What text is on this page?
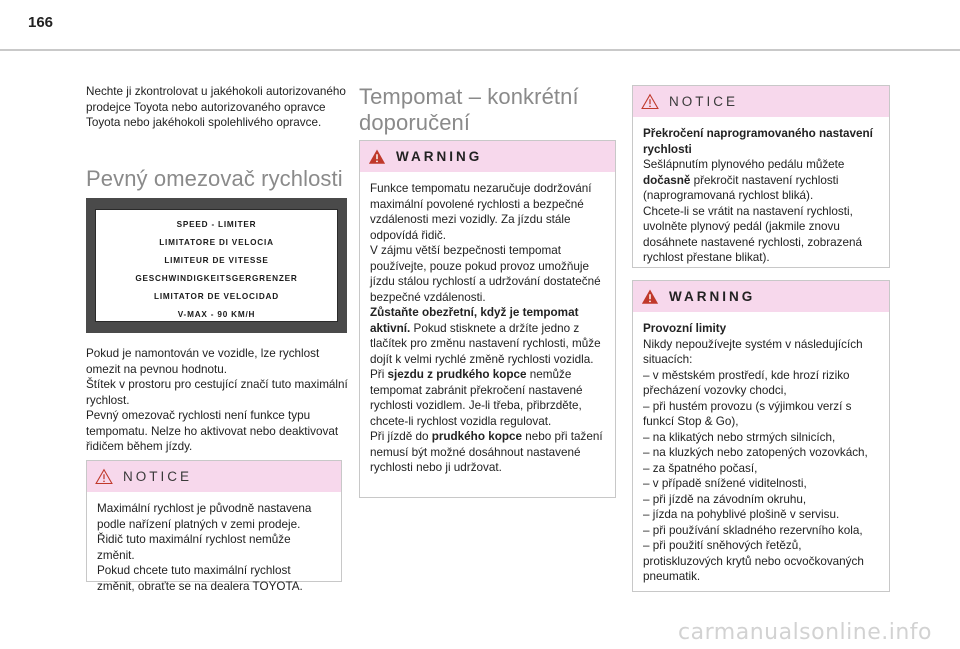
166

Nechte ji zkontrolovat u jakéhokoli autorizovaného prodejce Toyota nebo autorizovaného opravce Toyota nebo jakéhokoli spolehlivého opravce.

Pevný omezovač rychlosti
SPEED - LIMITER
LIMITATORE DI VELOCIA
LIMITEUR DE VITESSE
GESCHWINDIGKEITSGERGRENZER
LIMITATOR DE VELOCIDAD
V-MAX - 90 KM/H

Pokud je namontován ve vozidle, lze rychlost omezit na pevnou hodnotu.
Štítek v prostoru pro cestující značí tuto maximální rychlost.
Pevný omezovač rychlosti není funkce typu tempomatu. Nelze ho aktivovat nebo deaktivovat řidičem během jízdy.

NOTICE
Maximální rychlost je původně nastavena podle nařízení platných v zemi prodeje.
Řidič tuto maximální rychlost nemůže změnit.
Pokud chcete tuto maximální rychlost změnit, obraťte se na dealera TOYOTA.
Tempomat – konkrétní doporučení
WARNING
Funkce tempomatu nezaručuje dodržování maximální povolené rychlosti a bezpečné vzdálenosti mezi vozidly. Za jízdu stále odpovídá řidič.
V zájmu větší bezpečnosti tempomat používejte, pouze pokud provoz umožňuje jízdu stálou rychlostí a udržování dostatečné bezpečné vzdálenosti.
Zůstaňte obezřetní, když je tempomat aktivní. Pokud stisknete a držíte jedno z tlačítek pro změnu nastavení rychlosti, může dojít k velmi rychlé změně rychlosti vozidla.
Při sjezdu z prudkého kopce nemůže tempomat zabránit překročení nastavené rychlosti vozidlem. Je-li třeba, přibrzděte, chcete-li rychlost vozidla regulovat.
Při jízdě do prudkého kopce nebo při tažení nemusí být možné dosáhnout nastavené rychlosti nebo ji udržovat.
NOTICE
Překročení naprogramovaného nastavení rychlosti
Sešlápnutím plynového pedálu můžete dočasně překročit nastavení rychlosti (naprogramovaná rychlost bliká).
Chcete-li se vrátit na nastavení rychlosti, uvolněte plynový pedál (jakmile znovu dosáhnete nastavené rychlosti, zobrazená rychlost přestane blikat).
WARNING
Provozní limity
Nikdy nepoužívejte systém v následujících situacích:
– v městském prostředí, kde hrozí riziko přecházení vozovky chodci,
– při hustém provozu (s výjimkou verzí s funkcí Stop & Go),
– na klikatých nebo strmých silnicích,
– na kluzkých nebo zatopených vozovkách,
– za špatného počasí,
– v případě snížené viditelnosti,
– při jízdě na závodním okruhu,
– jízda na pohyblivé plošině v servisu.
– při používání skladného rezervního kola,
– při použití sněhových řetězů, protiskluzových krytů nebo ocvočkovaných pneumatik.
carmanualsonline.info
